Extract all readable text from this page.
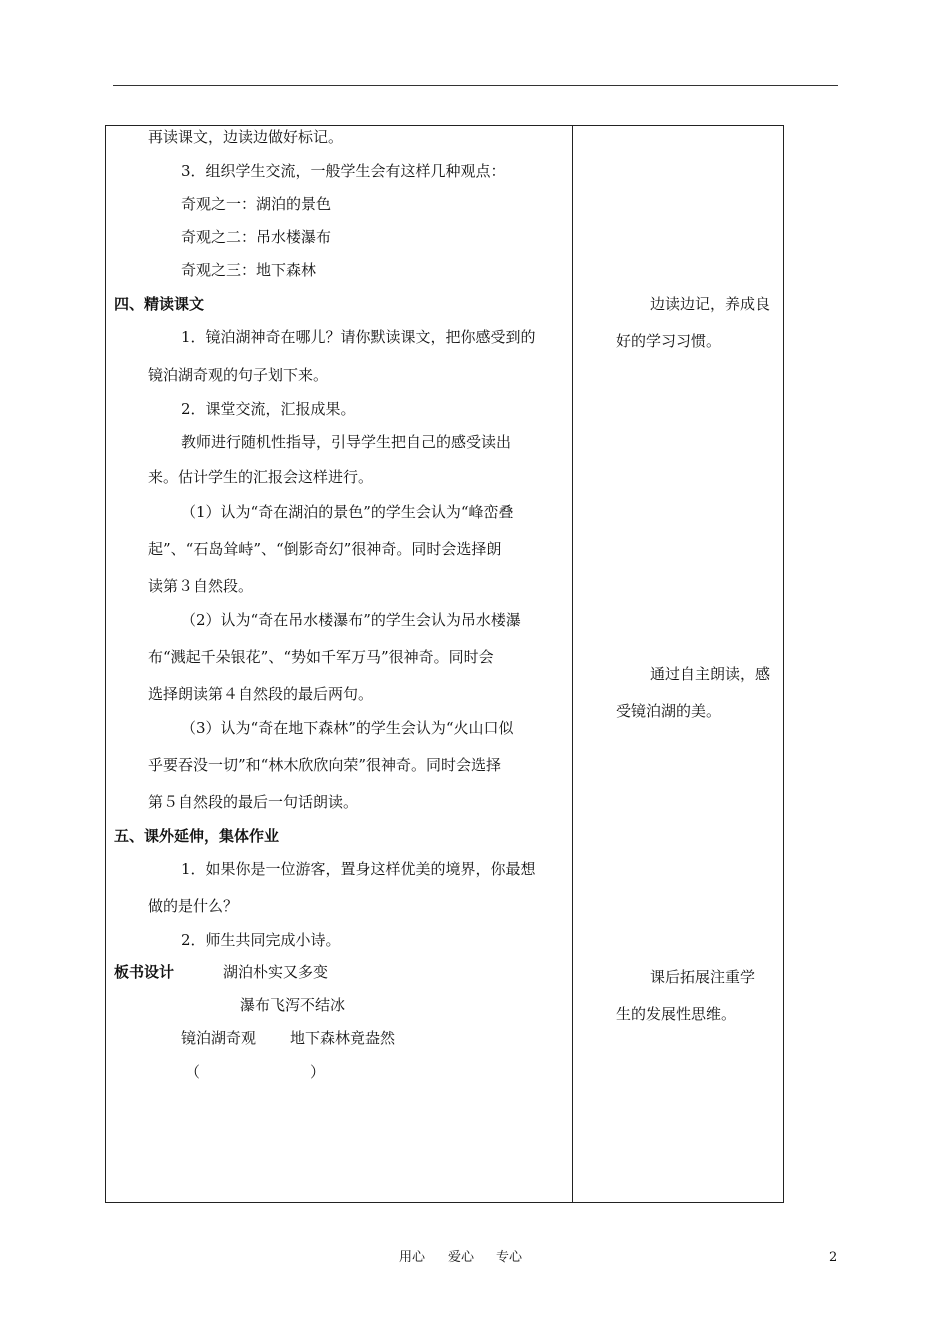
再读课文，边读边做好标记。
3．组织学生交流，一般学生会有这样几种观点：
奇观之一：湖泊的景色
奇观之二：吊水楼瀑布
奇观之三：地下森林
四、精读课文
1．镜泊湖神奇在哪儿？请你默读课文，把你感受到的
镜泊湖奇观的句子划下来。
2．课堂交流，汇报成果。
教师进行随机性指导，引导学生把自己的感受读出
来。估计学生的汇报会这样进行。
（1）认为“奇在湖泊的景色”的学生会认为“峰峦叠
起”、“石岛耸峙”、“倒影奇幻”很神奇。同时会选择朗
读第３自然段。
（2）认为“奇在吊水楼瀑布”的学生会认为吊水楼瀑
布“溅起千朵银花”、“势如千军万马”很神奇。同时会
选择朗读第４自然段的最后两句。
（3）认为“奇在地下森林”的学生会认为“火山口似
乎要吞没一切”和“林木欣欣向荣”很神奇。同时会选择
第５自然段的最后一句话朗读。
五、课外延伸，集体作业
1．如果你是一位游客，置身这样优美的境界，你最想
做的是什么？
2．师生共同完成小诗。
板书设计	湖泊朴实又多变
瀑布飞泻不结冰
镜泊湖奇观 地下森林竟盎然
（	）
边读边记，养成良
好的学习习惯。
通过自主朗读，感
受镜泊湖的美。
课后拓展注重学
生的发展性思维。
用心 爱心 专心	2
